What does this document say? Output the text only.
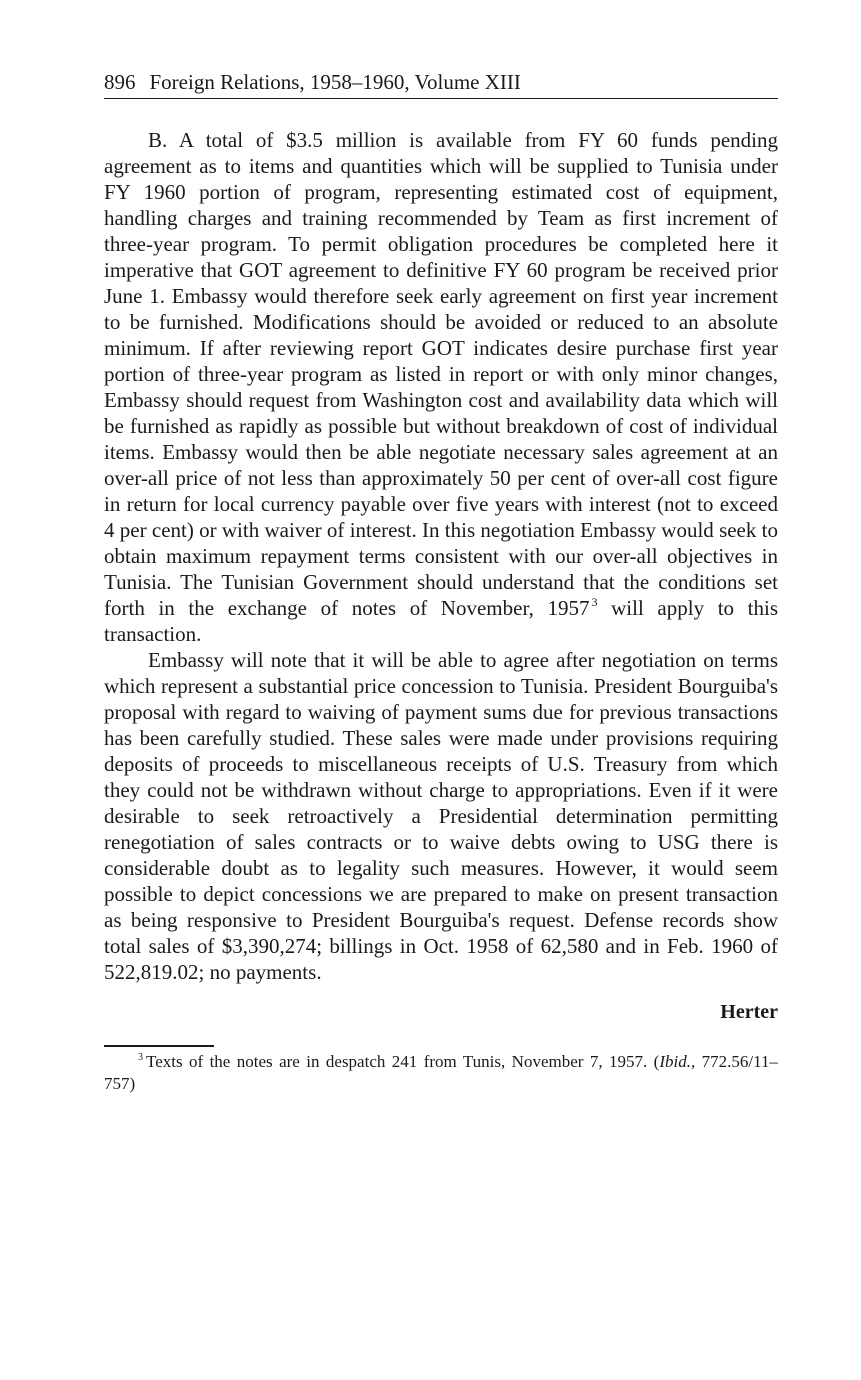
896 Foreign Relations, 1958–1960, Volume XIII

B. A total of $3.5 million is available from FY 60 funds pending agreement as to items and quantities which will be supplied to Tunisia under FY 1960 portion of program, representing estimated cost of equipment, handling charges and training recommended by Team as first increment of three-year program. To permit obligation procedures be completed here it imperative that GOT agreement to definitive FY 60 program be received prior June 1. Embassy would therefore seek early agreement on first year increment to be furnished. Modifications should be avoided or reduced to an absolute minimum. If after reviewing report GOT indicates desire purchase first year portion of three-year program as listed in report or with only minor changes, Embassy should request from Washington cost and availability data which will be furnished as rapidly as possible but without breakdown of cost of individual items. Embassy would then be able negotiate necessary sales agreement at an over-all price of not less than approximately 50 per cent of over-all cost figure in return for local currency payable over five years with interest (not to exceed 4 per cent) or with waiver of interest. In this negotiation Embassy would seek to obtain maximum repayment terms consistent with our over-all objectives in Tunisia. The Tunisian Government should understand that the conditions set forth in the exchange of notes of November, 1957 $^3$ will apply to this transaction.

Embassy will note that it will be able to agree after negotiation on terms which represent a substantial price concession to Tunisia. President Bourguiba's proposal with regard to waiving of payment sums due for previous transactions has been carefully studied. These sales were made under provisions requiring deposits of proceeds to miscellaneous receipts of U.S. Treasury from which they could not be withdrawn without charge to appropriations. Even if it were desirable to seek retroactively a Presidential determination permitting renegotiation of sales contracts or to waive debts owing to USG there is considerable doubt as to legality such measures. However, it would seem possible to depict concessions we are prepared to make on present transaction as being responsive to President Bourguiba's request. Defense records show total sales of $3,390,274; billings in Oct. 1958 of 62,580 and in Feb. 1960 of 522,819.02; no payments.

Herter
$^3$ Texts of the notes are in despatch 241 from Tunis, November 7, 1957. (Ibid., 772.56/11–757)
